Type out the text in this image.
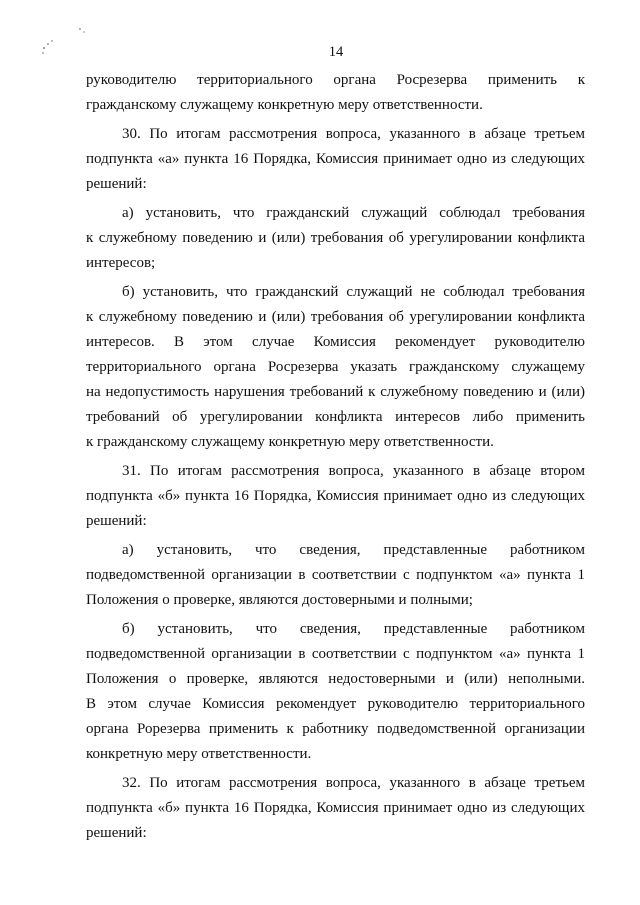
14
руководителю территориального органа Росрезерва применить к
гражданскому служащему конкретную меру ответственности.
30. По итогам рассмотрения вопроса, указанного в абзаце третьем
подпункта «а» пункта 16 Порядка, Комиссия принимает одно из следующих
решений:
а) установить, что гражданский служащий соблюдал требования
к служебному поведению и (или) требования об урегулировании конфликта
интересов;
б) установить, что гражданский служащий не соблюдал требования
к служебному поведению и (или) требования об урегулировании конфликта
интересов. В этом случае Комиссия рекомендует руководителю
территориального органа Росрезерва указать гражданскому служащему
на недопустимость нарушения требований к служебному поведению и (или)
требований об урегулировании конфликта интересов либо применить
к гражданскому служащему конкретную меру ответственности.
31. По итогам рассмотрения вопроса, указанного в абзаце втором
подпункта «б» пункта 16 Порядка, Комиссия принимает одно из следующих
решений:
а) установить, что сведения, представленные работником
подведомственной организации в соответствии с подпунктом «а» пункта 1
Положения о проверке, являются достоверными и полными;
б) установить, что сведения, представленные работником
подведомственной организации в соответствии с подпунктом «а» пункта 1
Положения о проверке, являются недостоверными и (или) неполными.
В этом случае Комиссия рекомендует руководителю территориального
органа Рорезерва применить к работнику подведомственной организации
конкретную меру ответственности.
32. По итогам рассмотрения вопроса, указанного в абзаце третьем
подпункта «б» пункта 16 Порядка, Комиссия принимает одно из следующих
решений:
